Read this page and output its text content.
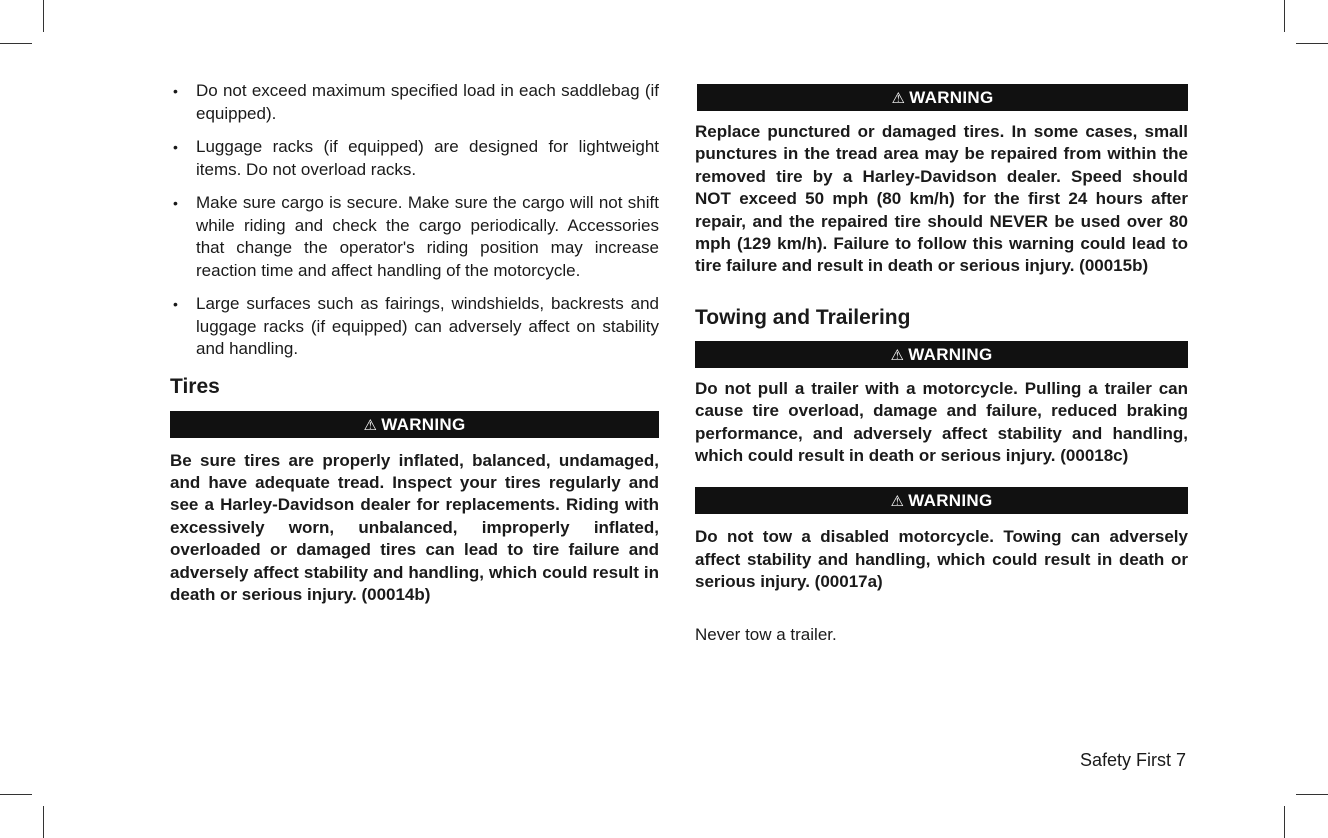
• Do not exceed maximum specified load in each saddlebag (if equipped).
• Luggage racks (if equipped) are designed for lightweight items. Do not overload racks.
• Make sure cargo is secure. Make sure the cargo will not shift while riding and check the cargo periodically. Accessories that change the operator's riding position may increase reaction time and affect handling of the motorcycle.
• Large surfaces such as fairings, windshields, backrests and luggage racks (if equipped) can adversely affect on stability and handling.
Tires
⚠ WARNING

Be sure tires are properly inflated, balanced, undamaged, and have adequate tread. Inspect your tires regularly and see a Harley-Davidson dealer for replacements. Riding with excessively worn, unbalanced, improperly inflated, overloaded or damaged tires can lead to tire failure and adversely affect stability and handling, which could result in death or serious injury. (00014b)

⚠ WARNING

Replace punctured or damaged tires. In some cases, small punctures in the tread area may be repaired from within the removed tire by a Harley-Davidson dealer. Speed should NOT exceed 50 mph (80 km/h) for the first 24 hours after repair, and the repaired tire should NEVER be used over 80 mph (129 km/h). Failure to follow this warning could lead to tire failure and result in death or serious injury. (00015b)

Towing and Trailering
⚠ WARNING

Do not pull a trailer with a motorcycle. Pulling a trailer can cause tire overload, damage and failure, reduced braking performance, and adversely affect stability and handling, which could result in death or serious injury. (00018c)

⚠ WARNING

Do not tow a disabled motorcycle. Towing can adversely affect stability and handling, which could result in death or serious injury. (00017a)

Never tow a trailer.

Safety First 7
